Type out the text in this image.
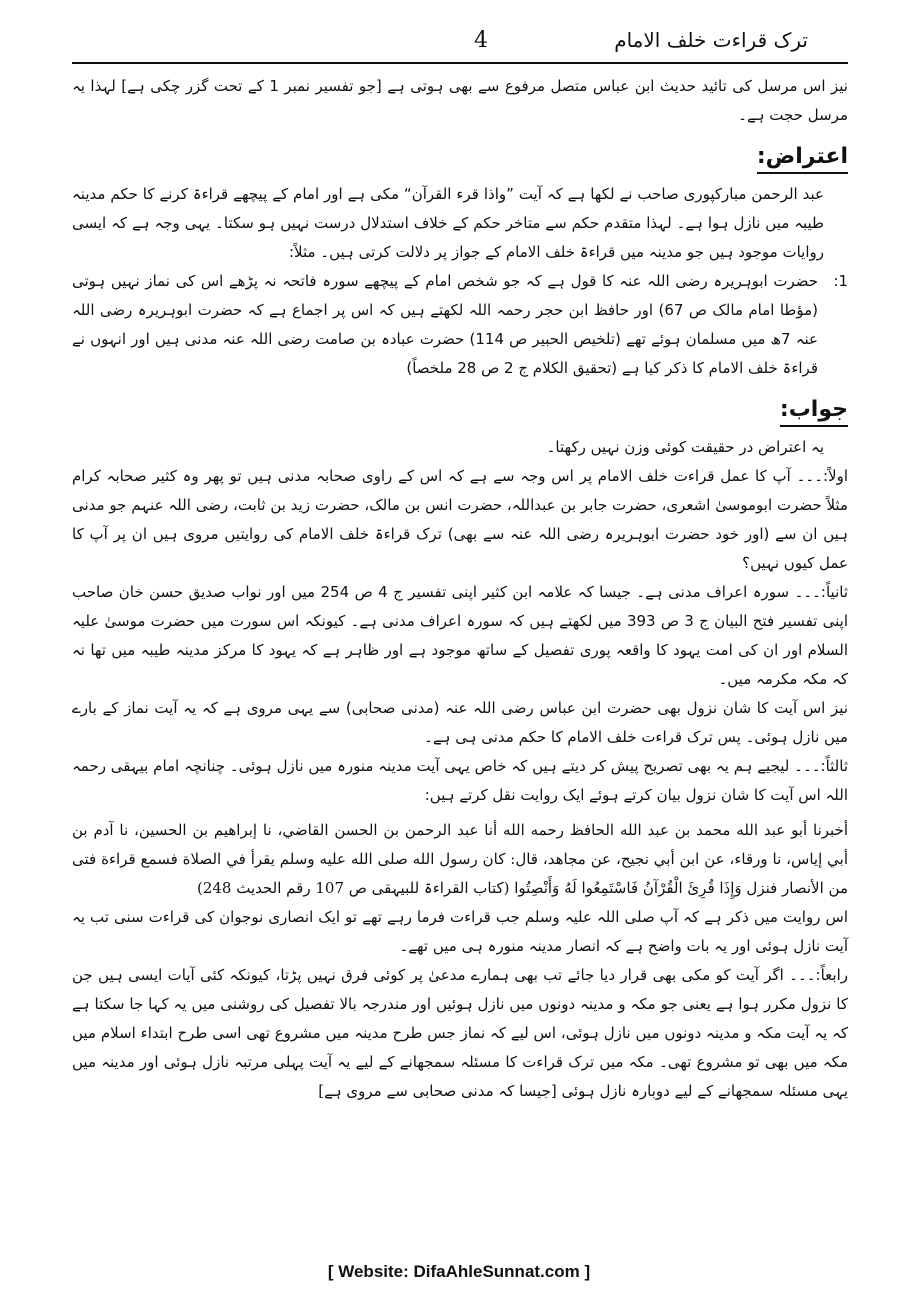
ترک قراءت خلف الامام
4

نیز اس مرسل کی تائید حدیث ابن عباس متصل مرفوع سے بھی ہوتی ہے [جو تفسیر نمبر 1 کے تحت گزر چکی ہے] لہذا یہ مرسل حجت ہے۔

اعتراض:

عبد الرحمن مبارکپوری صاحب نے لکھا ہے کہ آیت ”واذا قرء القرآن“ مکی ہے اور امام کے پیچھے قراءۃ کرنے کا حکم مدینہ طیبہ میں نازل ہوا ہے۔ لہذا متقدم حکم سے متاخر حکم کے خلاف استدلال درست نہیں ہو سکتا۔ یہی وجہ ہے کہ ایسی روایات موجود ہیں جو مدینہ میں قراءۃ خلف الامام کے جواز پر دلالت کرتی ہیں۔ مثلاً:

1:
حضرت ابوہریرہ رضی اللہ عنہ کا قول ہے کہ جو شخص امام کے پیچھے سورہ فاتحہ نہ پڑھے اس کی نماز نہیں ہوتی (مؤطا امام مالک ص 67) اور حافظ ابن حجر رحمہ اللہ لکھتے ہیں کہ اس پر اجماع ہے کہ حضرت ابوہریرہ رضی اللہ عنہ 7ھ میں مسلمان ہوئے تھے (تلخیص الحبیر ص 114) حضرت عبادہ بن صامت رضی اللہ عنہ مدنی ہیں اور انہوں نے قراءۃ خلف الامام کا ذکر کیا ہے (تحقیق الکلام ج 2 ص 28 ملخصاً)
جواب:

یہ اعتراض در حقیقت کوئی وزن نہیں رکھتا۔

اولاً:۔۔۔ آپ کا عمل قراءت خلف الامام پر اس وجہ سے ہے کہ اس کے راوی صحابہ مدنی ہیں تو پھر وہ کثیر صحابہ کرام مثلاً حضرت ابوموسیٰ اشعری، حضرت جابر بن عبداللہ، حضرت انس بن مالک، حضرت زید بن ثابت، رضی اللہ عنہم جو مدنی ہیں ان سے (اور خود حضرت ابوہریرہ رضی اللہ عنہ سے بھی) ترک قراءۃ خلف الامام کی روایتیں مروی ہیں ان پر آپ کا عمل کیوں نہیں؟

ثانیاً:۔۔۔ سورہ اعراف مدنی ہے۔ جیسا کہ علامہ ابن کثیر اپنی تفسیر ج 4 ص 254 میں اور نواب صدیق حسن خان صاحب اپنی تفسیر فتح البیان ج 3 ص 393 میں لکھتے ہیں کہ سورہ اعراف مدنی ہے۔ کیونکہ اس سورت میں حضرت موسیٰ علیہ السلام اور ان کی امت یہود کا واقعہ پوری تفصیل کے ساتھ موجود ہے اور ظاہر ہے کہ یہود کا مرکز مدینہ طیبہ میں تھا نہ کہ مکہ مکرمہ میں۔

نیز اس آیت کا شان نزول بھی حضرت ابن عباس رضی اللہ عنہ (مدنی صحابی) سے یہی مروی ہے کہ یہ آیت نماز کے بارے میں نازل ہوئی۔ پس ترک قراءت خلف الامام کا حکم مدنی ہی ہے۔

ثالثاً:۔۔۔ لیجیے ہم یہ بھی تصریح پیش کر دیتے ہیں کہ خاص یہی آیت مدینہ منورہ میں نازل ہوئی۔ چنانچہ امام بیہقی رحمہ اللہ اس آیت کا شان نزول بیان کرتے ہوئے ایک روایت نقل کرتے ہیں:

أخبرنا أبو عبد الله محمد بن عبد الله الحافظ رحمه الله أنا عبد الرحمن بن الحسن القاضي، نا إبراهيم بن الحسين، نا آدم بن أبي إياس، نا ورقاء، عن ابن أبي نجيح، عن مجاهد، قال: كان رسول الله صلى الله عليه وسلم يقرأ في الصلاة فسمع قراءة فتى من الأنصار فنزل وَإِذَا قُرِئَ الْقُرْآنُ فَاسْتَمِعُوا لَهُ وَأَنْصِتُوا (کتاب القراءۃ للبیہقی ص 107 رقم الحدیث 248)

اس روایت میں ذکر ہے کہ آپ صلی اللہ علیہ وسلم جب قراءت فرما رہے تھے تو ایک انصاری نوجوان کی قراءت سنی تب یہ آیت نازل ہوئی اور یہ بات واضح ہے کہ انصار مدینہ منورہ ہی میں تھے۔

رابعاً:۔۔۔ اگر آیت کو مکی بھی قرار دیا جائے تب بھی ہمارے مدعیٰ پر کوئی فرق نہیں پڑتا، کیونکہ کئی آیات ایسی ہیں جن کا نزول مکرر ہوا ہے یعنی جو مکہ و مدینہ دونوں میں نازل ہوئیں اور مندرجہ بالا تفصیل کی روشنی میں یہ کہا جا سکتا ہے کہ یہ آیت مکہ و مدینہ دونوں میں نازل ہوئی، اس لیے کہ نماز جس طرح مدینہ میں مشروع تھی اسی طرح ابتداء اسلام میں مکہ میں بھی تو مشروع تھی۔ مکہ میں ترک قراءت کا مسئلہ سمجھانے کے لیے یہ آیت پہلی مرتبہ نازل ہوئی اور مدینہ میں یہی مسئلہ سمجھانے کے لیے دوبارہ نازل ہوئی [جیسا کہ مدنی صحابی سے مروی ہے]

[ Website: DifaAhleSunnat.com ]
